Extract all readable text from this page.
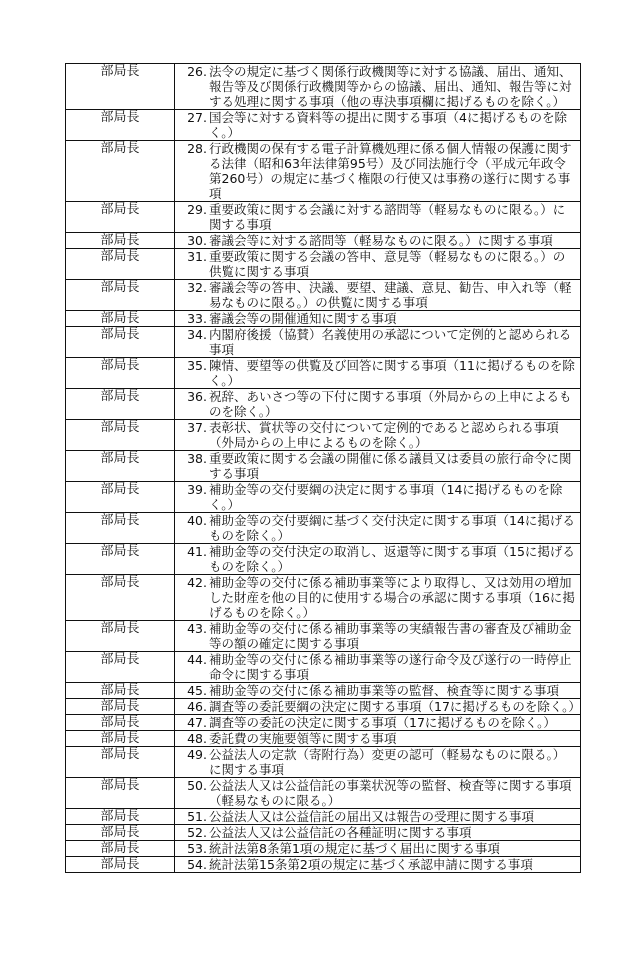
部局長	26. 法令の規定に基づく関係行政機関等に対する協議、届出、通知、報告等及び関係行政機関等からの協議、届出、通知、報告等に対する処理に関する事項（他の専決事項欄に掲げるものを除く。）

部局長	27. 国会等に対する資料等の提出に関する事項（4に掲げるものを除く。）

部局長	28. 行政機関の保有する電子計算機処理に係る個人情報の保護に関する法律（昭和63年法律第95号）及び同法施行令（平成元年政令第260号）の規定に基づく権限の行使又は事務の遂行に関する事項

部局長	29. 重要政策に関する会議に対する諮問等（軽易なものに限る。）に関する事項

部局長	30. 審議会等に対する諮問等（軽易なものに限る。）に関する事項

部局長	31. 重要政策に関する会議の答申、意見等（軽易なものに限る。）の供覧に関する事項

部局長	32. 審議会等の答申、決議、要望、建議、意見、勧告、申入れ等（軽易なものに限る。）の供覧に関する事項

部局長	33. 審議会等の開催通知に関する事項

部局長	34. 内閣府後援（協賛）名義使用の承認について定例的と認められる事項

部局長	35. 陳情、要望等の供覧及び回答に関する事項（11に掲げるものを除く。）

部局長	36. 祝辞、あいさつ等の下付に関する事項（外局からの上申によるものを除く。）

部局長	37. 表彰状、賞状等の交付について定例的であると認められる事項（外局からの上申によるものを除く。）

部局長	38. 重要政策に関する会議の開催に係る議員又は委員の旅行命令に関する事項

部局長	39. 補助金等の交付要綱の決定に関する事項（14に掲げるものを除く。）

部局長	40. 補助金等の交付要綱に基づく交付決定に関する事項（14に掲げるものを除く。）

部局長	41. 補助金等の交付決定の取消し、返還等に関する事項（15に掲げるものを除く。）

部局長	42. 補助金等の交付に係る補助事業等により取得し、又は効用の増加した財産を他の目的に使用する場合の承認に関する事項（16に掲げるものを除く。）

部局長	43. 補助金等の交付に係る補助事業等の実績報告書の審査及び補助金等の額の確定に関する事項

部局長	44. 補助金等の交付に係る補助事業等の遂行命令及び遂行の一時停止命令に関する事項

部局長	45. 補助金等の交付に係る補助事業等の監督、検査等に関する事項

部局長	46. 調査等の委託要綱の決定に関する事項（17に掲げるものを除く。）

部局長	47. 調査等の委託の決定に関する事項（17に掲げるものを除く。）

部局長	48. 委託費の実施要領等に関する事項

部局長	49. 公益法人の定款（寄附行為）変更の認可（軽易なものに限る。）に関する事項

部局長	50. 公益法人又は公益信託の事業状況等の監督、検査等に関する事項（軽易なものに限る。）

部局長	51. 公益法人又は公益信託の届出又は報告の受理に関する事項

部局長	52. 公益法人又は公益信託の各種証明に関する事項

部局長	53. 統計法第8条第1項の規定に基づく届出に関する事項

部局長	54. 統計法第15条第2項の規定に基づく承認申請に関する事項
